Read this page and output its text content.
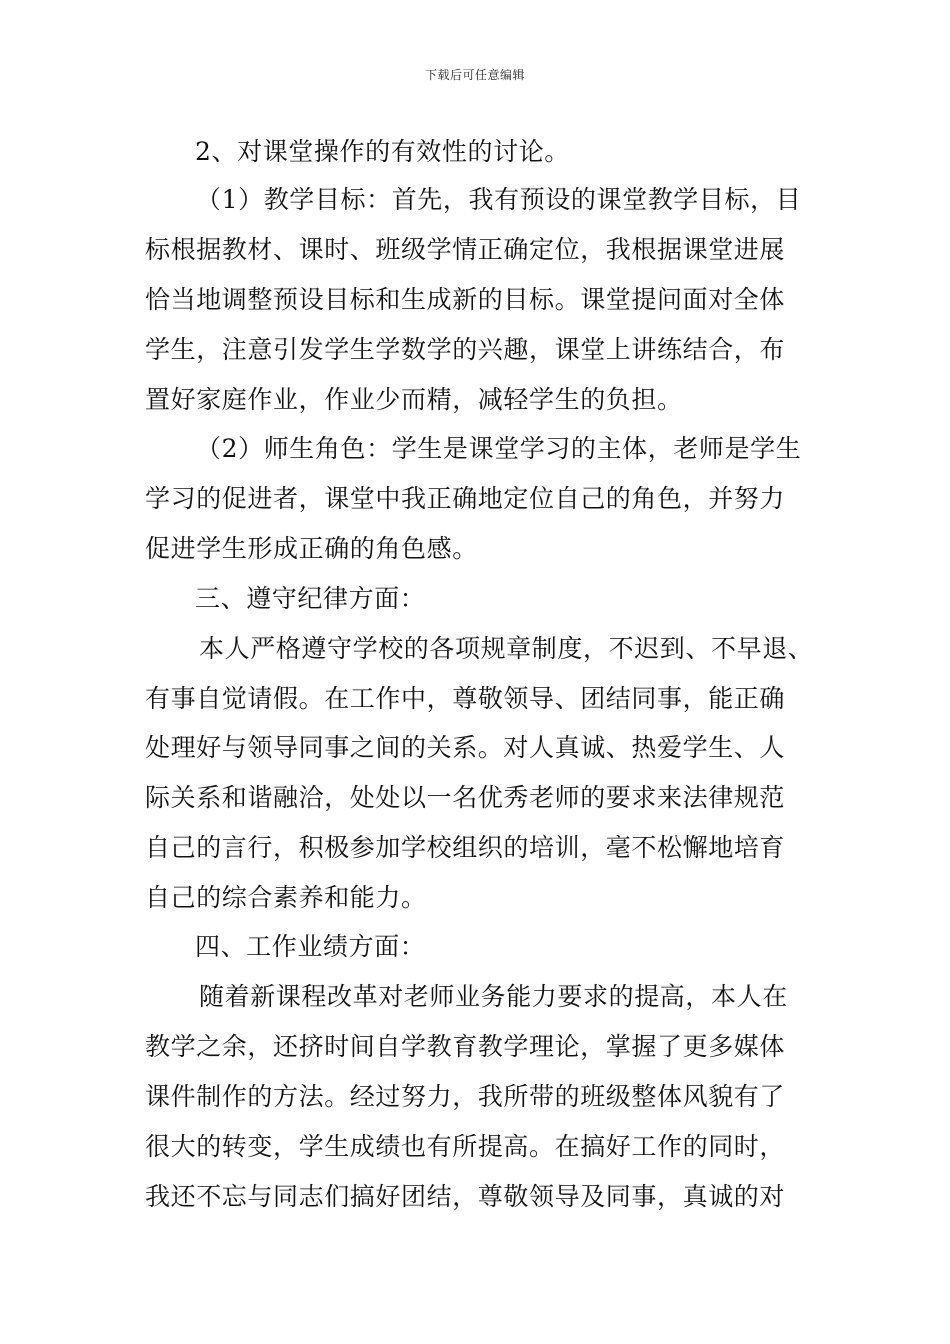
下载后可任意编辑
2、对课堂操作的有效性的讨论。
（1）教学目标：首先，我有预设的课堂教学目标，目
标根据教材、课时、班级学情正确定位，我根据课堂进展
恰当地调整预设目标和生成新的目标。课堂提问面对全体
学生，注意引发学生学数学的兴趣，课堂上讲练结合，布
置好家庭作业，作业少而精，减轻学生的负担。
（2）师生角色：学生是课堂学习的主体，老师是学生
学习的促进者，课堂中我正确地定位自己的角色，并努力
促进学生形成正确的角色感。
三、遵守纪律方面：
本人严格遵守学校的各项规章制度，不迟到、不早退、
有事自觉请假。在工作中，尊敬领导、团结同事，能正确
处理好与领导同事之间的关系。对人真诚、热爱学生、人
际关系和谐融洽，处处以一名优秀老师的要求来法律规范
自己的言行，积极参加学校组织的培训，毫不松懈地培育
自己的综合素养和能力。
四、工作业绩方面：
随着新课程改革对老师业务能力要求的提高，本人在
教学之余，还挤时间自学教育教学理论，掌握了更多媒体
课件制作的方法。经过努力，我所带的班级整体风貌有了
很大的转变，学生成绩也有所提高。在搞好工作的同时，
我还不忘与同志们搞好团结，尊敬领导及同事，真诚的对
